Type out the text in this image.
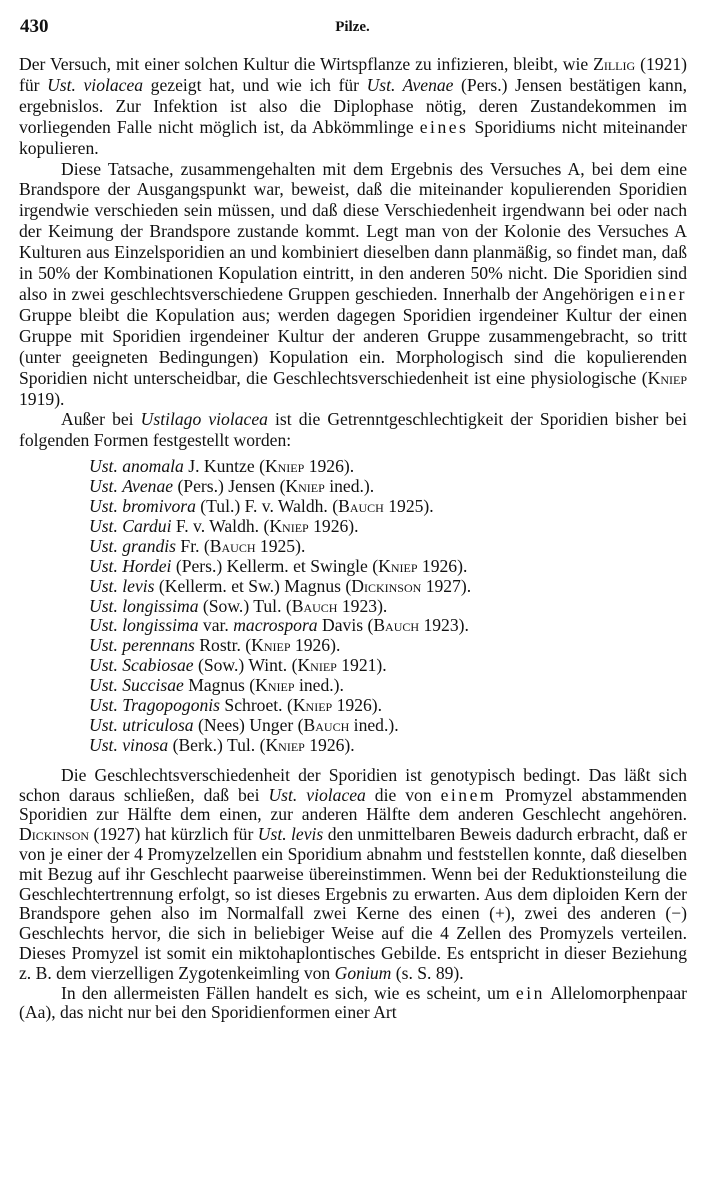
430	Pilze.

Der Versuch, mit einer solchen Kultur die Wirtspflanze zu infizieren, bleibt, wie Zillig (1921) für Ust. violacea gezeigt hat, und wie ich für Ust. Avenae (Pers.) Jensen bestätigen kann, ergebnislos. Zur Infektion ist also die Diplophase nötig, deren Zustandekommen im vorliegenden Falle nicht möglich ist, da Abkömmlinge eines Sporidiums nicht miteinander kopulieren.

Diese Tatsache, zusammengehalten mit dem Ergebnis des Versuches A, bei dem eine Brandspore der Ausgangspunkt war, beweist, daß die miteinander kopulierenden Sporidien irgendwie verschieden sein müssen, und daß diese Verschiedenheit irgendwann bei oder nach der Keimung der Brandspore zustande kommt. Legt man von der Kolonie des Versuches A Kulturen aus Einzelsporidien an und kombiniert dieselben dann planmäßig, so findet man, daß in 50% der Kombinationen Kopulation eintritt, in den anderen 50% nicht. Die Sporidien sind also in zwei geschlechtsverschiedene Gruppen geschieden. Innerhalb der Angehörigen einer Gruppe bleibt die Kopulation aus; werden dagegen Sporidien irgendeiner Kultur der einen Gruppe mit Sporidien irgendeiner Kultur der anderen Gruppe zusammengebracht, so tritt (unter geeigneten Bedingungen) Kopulation ein. Morphologisch sind die kopulierenden Sporidien nicht unterscheidbar, die Geschlechtsverschiedenheit ist eine physiologische (Kniep 1919).

Außer bei Ustilago violacea ist die Getrenntgeschlechtigkeit der Sporidien bisher bei folgenden Formen festgestellt worden:

Ust. anomala J. Kuntze (Kniep 1926).
Ust. Avenae (Pers.) Jensen (Kniep ined.).
Ust. bromivora (Tul.) F. v. Waldh. (Bauch 1925).
Ust. Cardui F. v. Waldh. (Kniep 1926).
Ust. grandis Fr. (Bauch 1925).
Ust. Hordei (Pers.) Kellerm. et Swingle (Kniep 1926).
Ust. levis (Kellerm. et Sw.) Magnus (Dickinson 1927).
Ust. longissima (Sow.) Tul. (Bauch 1923).
Ust. longissima var. macrospora Davis (Bauch 1923).
Ust. perennans Rostr. (Kniep 1926).
Ust. Scabiosae (Sow.) Wint. (Kniep 1921).
Ust. Succisae Magnus (Kniep ined.).
Ust. Tragopogonis Schroet. (Kniep 1926).
Ust. utriculosa (Nees) Unger (Bauch ined.).
Ust. vinosa (Berk.) Tul. (Kniep 1926).

Die Geschlechtsverschiedenheit der Sporidien ist genotypisch bedingt. Das läßt sich schon daraus schließen, daß bei Ust. violacea die von einem Promyzel abstammenden Sporidien zur Hälfte dem einen, zur anderen Hälfte dem anderen Geschlecht angehören. Dickinson (1927) hat kürzlich für Ust. levis den unmittelbaren Beweis dadurch erbracht, daß er von je einer der 4 Promyzelzellen ein Sporidium abnahm und feststellen konnte, daß dieselben mit Bezug auf ihr Geschlecht paarweise übereinstimmen. Wenn bei der Reduktionsteilung die Geschlechtertrennung erfolgt, so ist dieses Ergebnis zu erwarten. Aus dem diploiden Kern der Brandspore gehen also im Normalfall zwei Kerne des einen (+), zwei des anderen (−) Geschlechts hervor, die sich in beliebiger Weise auf die 4 Zellen des Promyzels verteilen. Dieses Promyzel ist somit ein miktohaplontisches Gebilde. Es entspricht in dieser Beziehung z. B. dem vierzelligen Zygotenkeimling von Gonium (s. S. 89).

In den allermeisten Fällen handelt es sich, wie es scheint, um ein Allelomorphenpaar (Aa), das nicht nur bei den Sporidienformen einer Art
